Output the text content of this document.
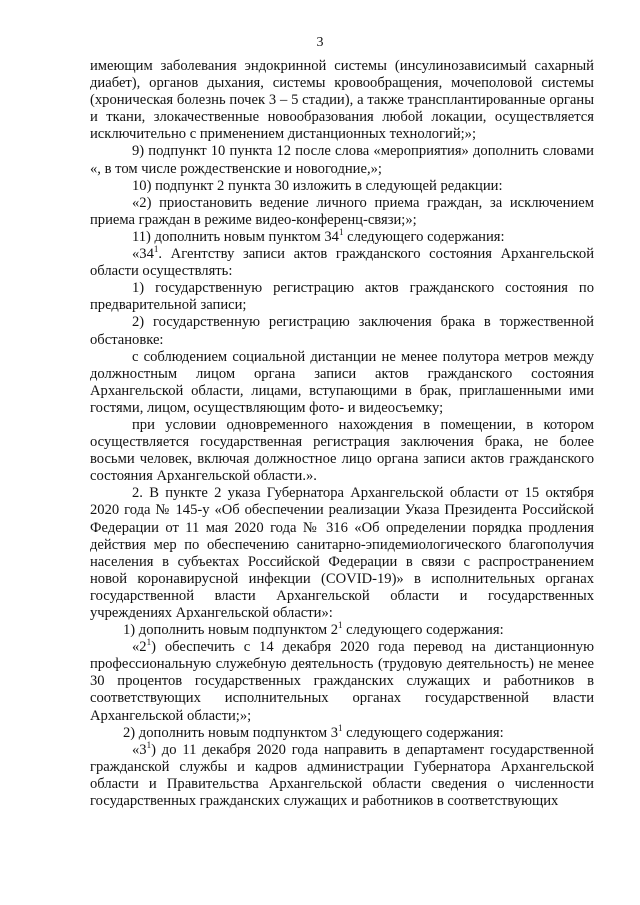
3

имеющим заболевания эндокринной системы (инсулинозависимый сахарный диабет), органов дыхания, системы кровообращения, мочеполовой системы (хроническая болезнь почек 3 – 5 стадии), а также трансплантированные органы и ткани, злокачественные новообразования любой локации, осуществляется исключительно с применением дистанционных технологий;»;

9) подпункт 10 пункта 12 после слова «мероприятия» дополнить словами «, в том числе рождественские и новогодние,»;

10) подпункт 2 пункта 30 изложить в следующей редакции:

«2) приостановить ведение личного приема граждан, за исключением приема граждан в режиме видео-конференц-связи;»;

11) дополнить новым пунктом $34^1$ следующего содержания:

«$34^1$. Агентству записи актов гражданского состояния Архангельской области осуществлять:

1) государственную регистрацию актов гражданского состояния по предварительной записи;

2) государственную регистрацию заключения брака в торжественной обстановке:

с соблюдением социальной дистанции не менее полутора метров между должностным лицом органа записи актов гражданского состояния Архангельской области, лицами, вступающими в брак, приглашенными ими гостями, лицом, осуществляющим фото- и видеосъемку;

при условии одновременного нахождения в помещении, в котором осуществляется государственная регистрация заключения брака, не более восьми человек, включая должностное лицо органа записи актов гражданского состояния Архангельской области.».

2. В пункте 2 указа Губернатора Архангельской области от 15 октября 2020 года № 145-у «Об обеспечении реализации Указа Президента Российской Федерации от 11 мая 2020 года № 316 «Об определении порядка продления действия мер по обеспечению санитарно-эпидемиологического благополучия населения в субъектах Российской Федерации в связи с распространением новой коронавирусной инфекции (COVID-19)» в исполнительных органах государственной власти Архангельской области и государственных учреждениях Архангельской области»:

1) дополнить новым подпунктом $2^1$ следующего содержания:

«$2^1$) обеспечить с 14 декабря 2020 года перевод на дистанционную профессиональную служебную деятельность (трудовую деятельность) не менее 30 процентов государственных гражданских служащих и работников в соответствующих исполнительных органах государственной власти Архангельской области;»;

2) дополнить новым подпунктом $3^1$ следующего содержания:

«$3^1$) до 11 декабря 2020 года направить в департамент государственной гражданской службы и кадров администрации Губернатора Архангельской области и Правительства Архангельской области сведения о численности государственных гражданских служащих и работников в соответствующих
